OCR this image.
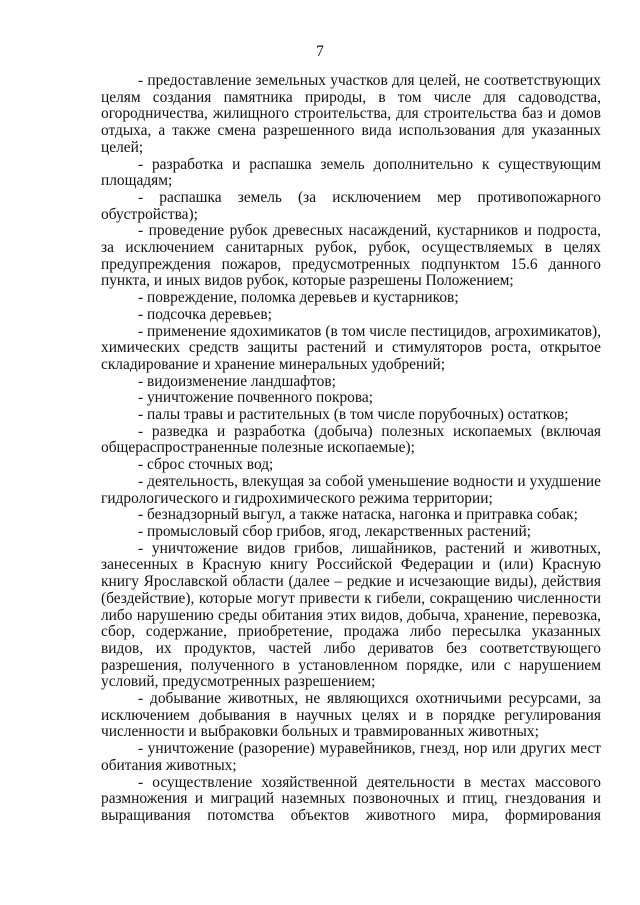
7

- предоставление земельных участков для целей, не соответствующих целям создания памятника природы, в том числе для садоводства, огородничества, жилищного строительства, для строительства баз и домов отдыха, а также смена разрешенного вида использования для указанных целей;

- разработка и распашка земель дополнительно к существующим площадям;

- распашка земель (за исключением мер противопожарного обустройства);

- проведение рубок древесных насаждений, кустарников и подроста, за исключением санитарных рубок, рубок, осуществляемых в целях предупреждения пожаров, предусмотренных подпунктом 15.6 данного пункта, и иных видов рубок, которые разрешены Положением;

- повреждение, поломка деревьев и кустарников;

- подсочка деревьев;

- применение ядохимикатов (в том числе пестицидов, агрохимикатов), химических средств защиты растений и стимуляторов роста, открытое складирование и хранение минеральных удобрений;

- видоизменение ландшафтов;

- уничтожение почвенного покрова;

- палы травы и растительных (в том числе порубочных) остатков;

- разведка и разработка (добыча) полезных ископаемых (включая общераспространенные полезные ископаемые);

- сброс сточных вод;

- деятельность, влекущая за собой уменьшение водности и ухудшение гидрологического и гидрохимического режима территории;

- безнадзорный выгул, а также натаска, нагонка и притравка собак;

- промысловый сбор грибов, ягод, лекарственных растений;

- уничтожение видов грибов, лишайников, растений и животных, занесенных в Красную книгу Российской Федерации и (или) Красную книгу Ярославской области (далее – редкие и исчезающие виды), действия (бездействие), которые могут привести к гибели, сокращению численности либо нарушению среды обитания этих видов, добыча, хранение, перевозка, сбор, содержание, приобретение, продажа либо пересылка указанных видов, их продуктов, частей либо дериватов без соответствующего разрешения, полученного в установленном порядке, или с нарушением условий, предусмотренных разрешением;

- добывание животных, не являющихся охотничьими ресурсами, за исключением добывания в научных целях и в порядке регулирования численности и выбраковки больных и травмированных животных;

- уничтожение (разорение) муравейников, гнезд, нор или других мест обитания животных;

- осуществление хозяйственной деятельности в местах массового размножения и миграций наземных позвоночных и птиц, гнездования и выращивания потомства объектов животного мира, формирования
